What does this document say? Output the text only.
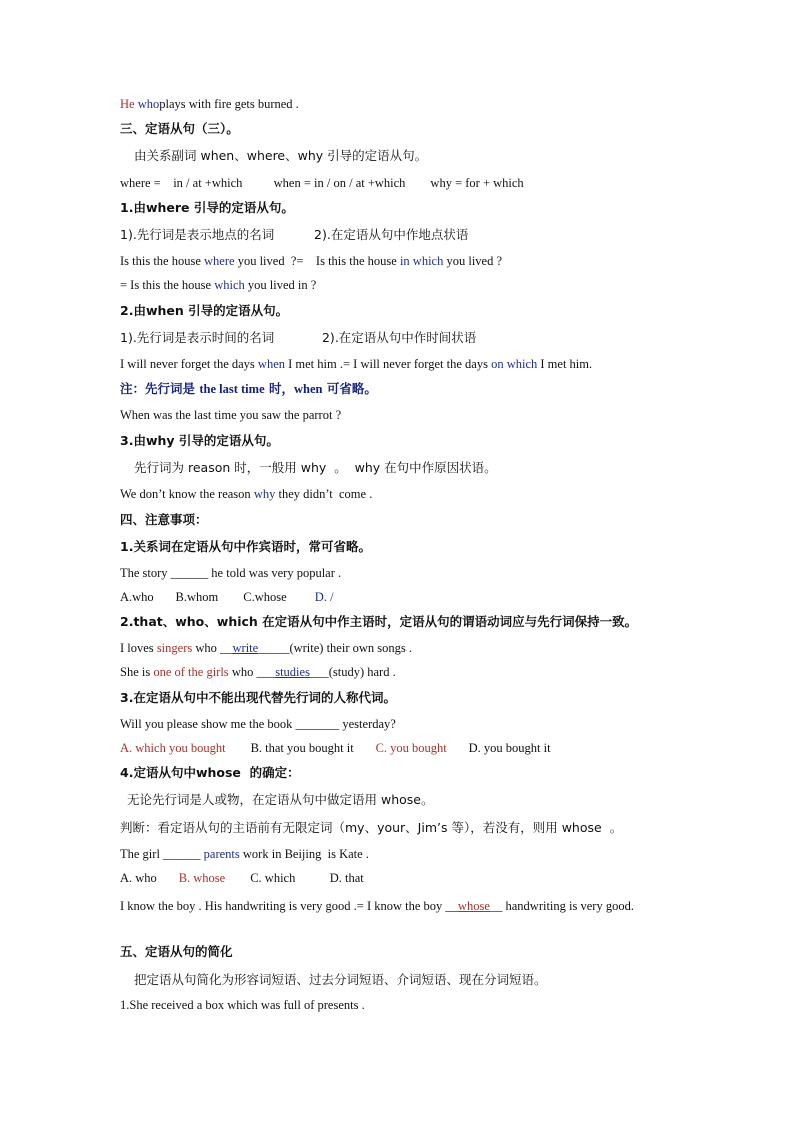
He whoplays with fire gets burned .
三、定语从句（三）。
由关系副词 when、where、why 引导的定语从句。
where =    in / at +which          when = in / on / at +which        why = for + which
1.由where 引导的定语从句。
1).先行词是表示地点的名词          2).在定语从句中作地点状语
Is this the house where you lived  ?=    Is this the house in which you lived ?
= Is this the house which you lived in ?
2.由when 引导的定语从句。
1).先行词是表示时间的名词            2).在定语从句中作时间状语
I will never forget the days when I met him .= I will never forget the days on which I met him.
注：先行词是 the last time 时，when 可省略。
When was the last time you saw the parrot ?
3.由why 引导的定语从句。
先行词为 reason 时，一般用 why  。  why 在句中作原因状语。
We don’t know the reason why they didn’t  come .
四、注意事项：
1.关系词在定语从句中作宾语时，常可省略。
The story ______ he told was very popular .
A.who       B.whom        C.whose         D. /
2.that、who、which 在定语从句中作主语时，定语从句的谓语动词应与先行词保持一致。
I loves singers who __write_____(write) their own songs .
She is one of the girls who ___studies___(study) hard .
3.在定语从句中不能出现代替先行词的人称代词。
Will you please show me the book _______ yesterday?
A. which you bought        B. that you bought it       C. you bought       D. you bought it
4.定语从句中whose  的确定：
无论先行词是人或物，在定语从句中做定语用 whose。
判断：看定语从句的主语前有无限定词（my、your、Jim’s 等），若没有，则用 whose  。
The girl ______ parents work in Beijing  is Kate .
A. who       B. whose        C. which           D. that
I know the boy . His handwriting is very good .= I know the boy __whose__ handwriting is very good.
五、定语从句的简化
把定语从句简化为形容词短语、过去分词短语、介词短语、现在分词短语。
1.She received a box which was full of presents .
